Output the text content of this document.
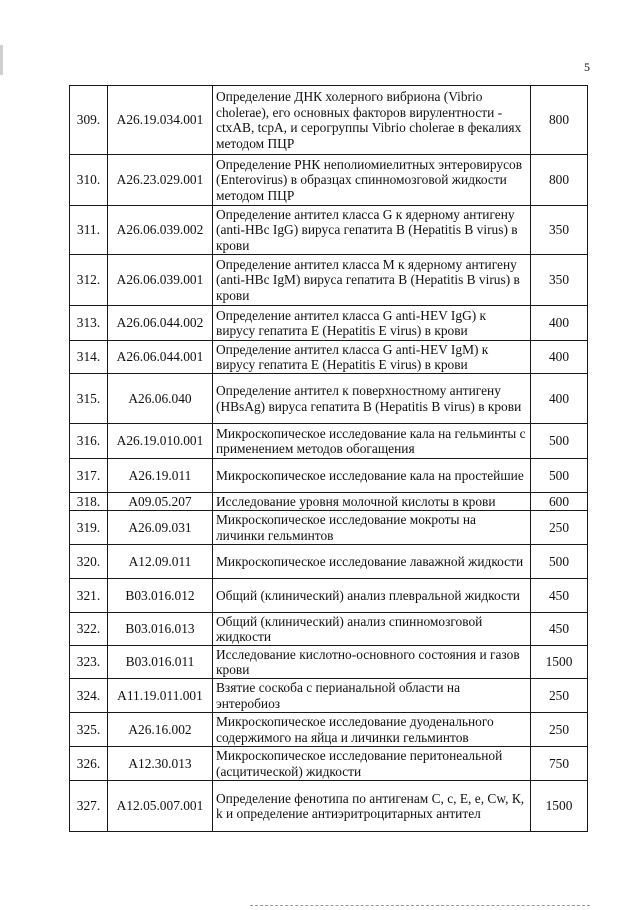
5
309.	A26.19.034.001	Определение ДНК холерного вибриона (Vibrio cholerae), его основных факторов вирулентности - ctxAB, tcpA, и серогруппы Vibrio cholerae в фекалиях методом ПЦР	800
310.	A26.23.029.001	Определение РНК неполиомиелитных энтеровирусов (Enterovirus) в образцах спинномозговой жидкости методом ПЦР	800
311.	A26.06.039.002	Определение антител класса G к ядерному антигену (anti-HBc IgG) вируса гепатита В (Hepatitis В virus) в крови	350
312.	A26.06.039.001	Определение антител класса М к ядерному антигену (anti-HBc IgM) вируса гепатита В (Hepatitis В virus) в крови	350
313.	A26.06.044.002	Определение антител класса G anti-HEV IgG) к вирусу гепатита E (Hepatitis E virus) в крови	400
314.	A26.06.044.001	Определение антител класса G anti-HEV IgM) к вирусу гепатита E (Hepatitis E virus) в крови	400
315.	A26.06.040	Определение антител к поверхностному антигену (HBsAg) вируса гепатита В (Hepatitis В virus) в крови	400
316.	A26.19.010.001	Микроскопическое исследование кала на гельминты с применением методов обогащения	500
317.	A26.19.011	Микроскопическое исследование кала на простейшие	500
318.	A09.05.207	Исследование уровня молочной кислоты в крови	600
319.	A26.09.031	Микроскопическое исследование мокроты на личинки гельминтов	250
320.	A12.09.011	Микроскопическое исследование лаважной жидкости	500
321.	B03.016.012	Общий (клинический) анализ плевральной жидкости	450
322.	B03.016.013	Общий (клинический) анализ спинномозговой жидкости	450
323.	B03.016.011	Исследование кислотно-основного состояния и газов крови	1500
324.	A11.19.011.001	Взятие соскоба с перианальной области на энтеробиоз	250
325.	A26.16.002	Микроскопическое исследование дуоденального содержимого на яйца и личинки гельминтов	250
326.	A12.30.013	Микроскопическое исследование перитонеальной (асцитической) жидкости	750
327.	A12.05.007.001	Определение фенотипа по антигенам С, с, Е, е, Cw, К, k и определение антиэритроцитарных антител	1500
